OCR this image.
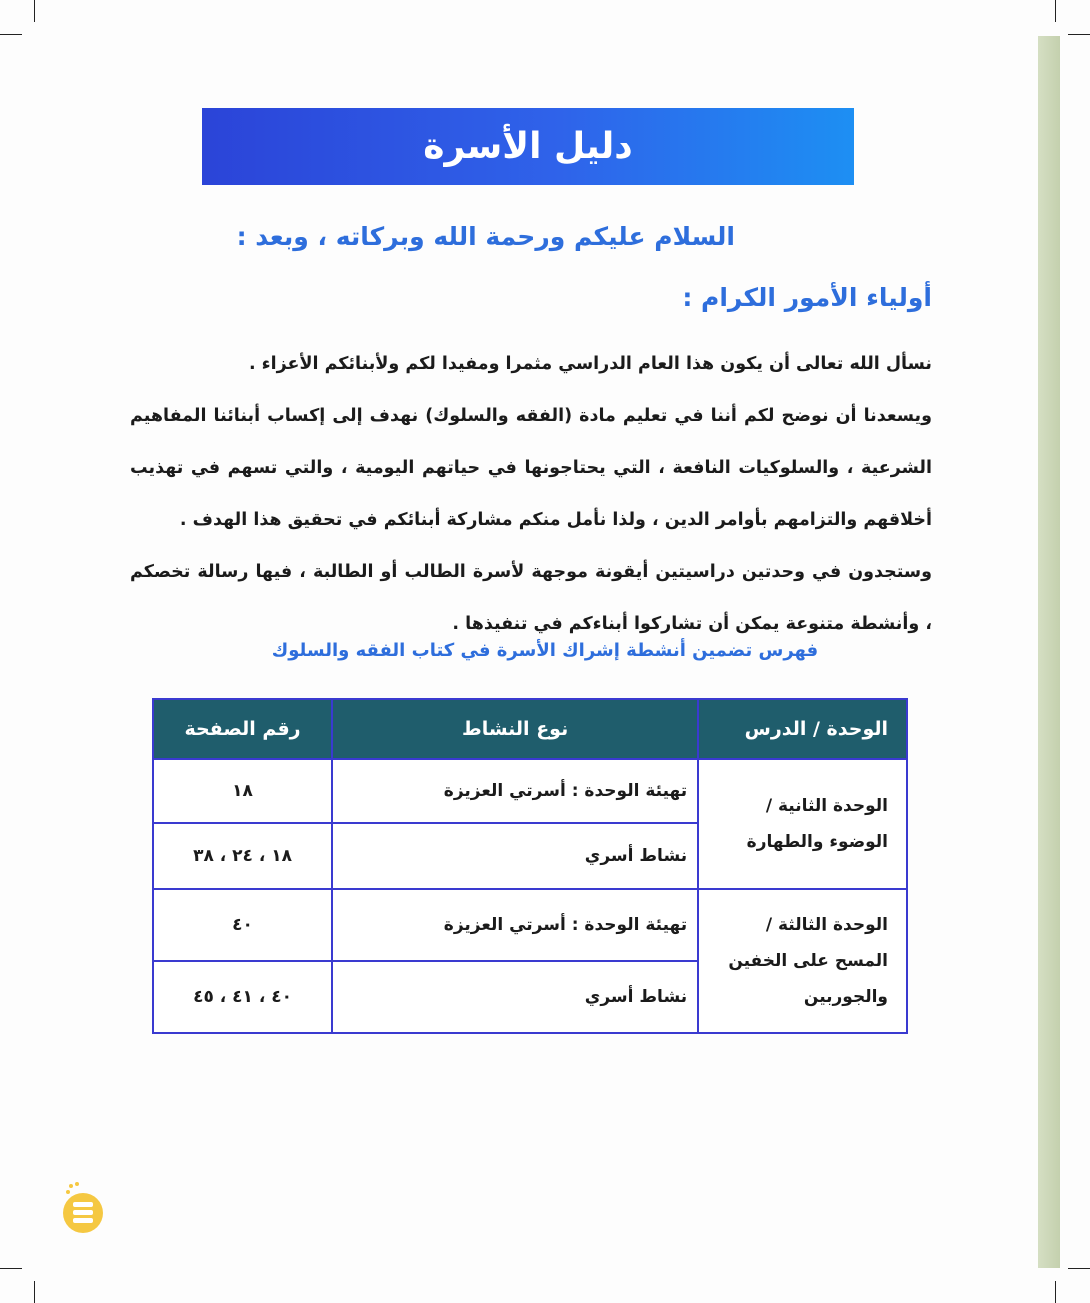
دليل الأسرة
السلام عليكم ورحمة الله وبركاته ، وبعد :
أولياء الأمور الكرام :

نسأل الله تعالى أن يكون هذا العام الدراسي مثمرا ومفيدا لكم ولأبنائكم الأعزاء .

ويسعدنا أن نوضح لكم أننا في تعليم مادة (الفقه والسلوك) نهدف إلى إكساب أبنائنا المفاهيم الشرعية ، والسلوكيات النافعة ، التي يحتاجونها في حياتهم اليومية ، والتي تسهم في تهذيب أخلاقهم والتزامهم بأوامر الدين ، ولذا نأمل منكم مشاركة أبنائكم في تحقيق هذا الهدف .

وستجدون في وحدتين دراسيتين أيقونة موجهة لأسرة الطالب أو الطالبة ، فيها رسالة تخصكم ، وأنشطة متنوعة يمكن أن تشاركوا أبناءكم في تنفيذها .

فهرس تضمين أنشطة إشراك الأسرة في كتاب الفقه والسلوك
الوحدة / الدرس	نوع النشاط	رقم الصفحة

الوحدة الثانية /
الوضوء والطهارة	تهيئة الوحدة : أسرتي العزيزة	١٨
	نشاط أسري	١٨ ، ٢٤ ، ٣٨

الوحدة الثالثة /
المسح على الخفين
والجوربين	تهيئة الوحدة : أسرتي العزيزة	٤٠
	نشاط أسري	٤٠ ، ٤١ ، ٤٥
